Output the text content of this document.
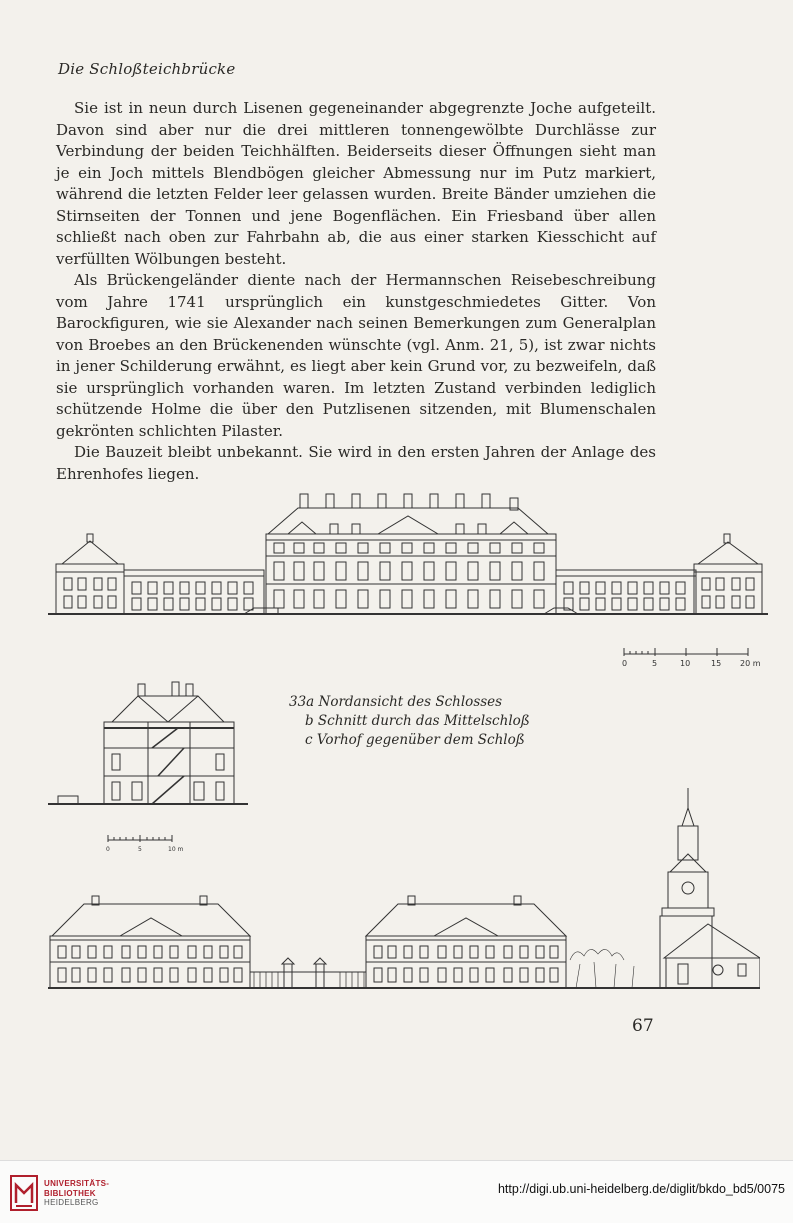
Die Schloßteichbrücke

Sie ist in neun durch Lisenen gegeneinander abgegrenzte Joche aufgeteilt. Davon sind aber nur die drei mittleren tonnengewölbte Durchlässe zur Verbindung der beiden Teichhälften. Beiderseits dieser Öffnungen sieht man je ein Joch mittels Blendbögen gleicher Abmessung nur im Putz markiert, während die letzten Felder leer gelassen wurden. Breite Bänder umziehen die Stirnseiten der Tonnen und jene Bogenflächen. Ein Friesband über allen schließt nach oben zur Fahrbahn ab, die aus einer starken Kiesschicht auf verfüllten Wölbungen besteht.

Als Brückengeländer diente nach der Hermannschen Reisebeschreibung vom Jahre 1741 ursprünglich ein kunstgeschmiedetes Gitter. Von Barockfiguren, wie sie Alexander nach seinen Bemerkungen zum Generalplan von Broebes an den Brückenenden wünschte (vgl. Anm. 21, 5), ist zwar nichts in jener Schilderung erwähnt, es liegt aber kein Grund vor, zu bezweifeln, daß sie ursprünglich vorhanden waren. Im letzten Zustand verbinden lediglich schützende Holme die über den Putzlisenen sitzenden, mit Blumenschalen gekrönten schlichten Pilaster.

Die Bauzeit bleibt unbekannt. Sie wird in den ersten Jahren der Anlage des Ehrenhofes liegen.

0	5	10	15 20 m
0	5	10 m
33a Nordansicht des Schlosses
b Schnitt durch das Mittelschloß
c Vorhof gegenüber dem Schloß
67
UNIVERSITÄTS-
BIBLIOTHEK
HEIDELBERG
http://digi.ub.uni-heidelberg.de/diglit/bkdo_bd5/0075
